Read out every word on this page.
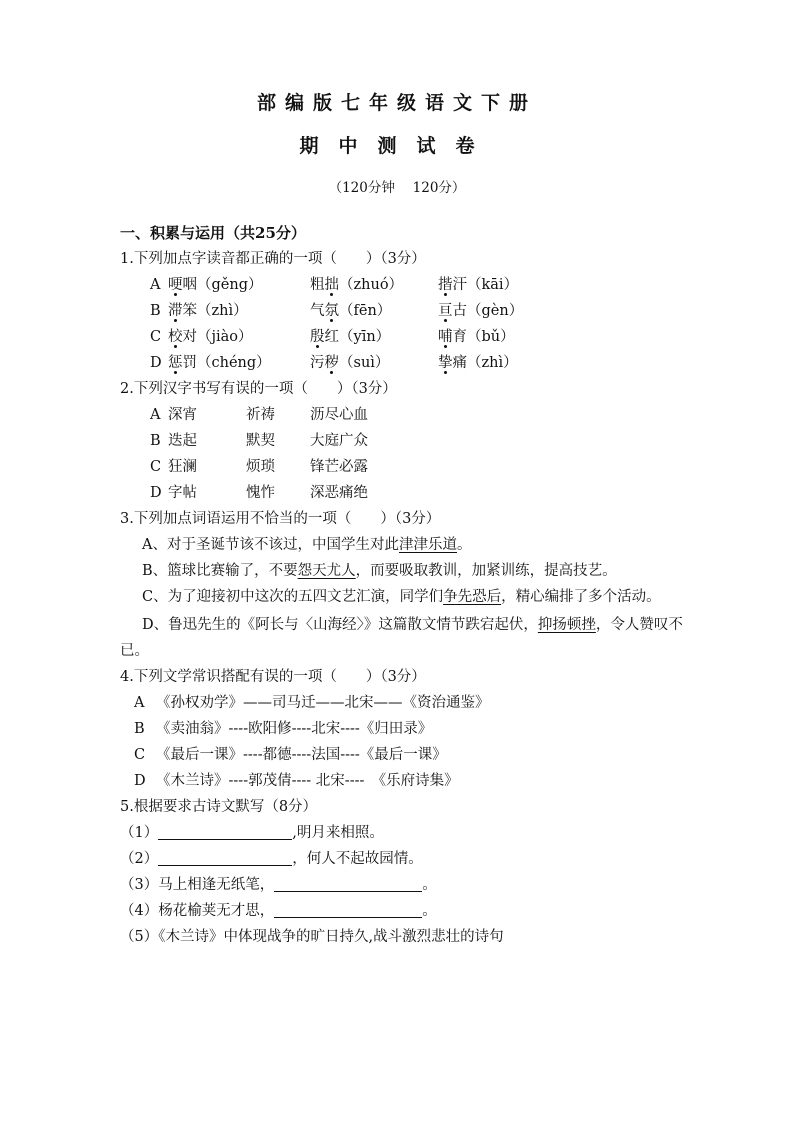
部编版七年级语文下册
期中测试卷
（120分钟　 120分）
一、积累与运用（共25分）
1.下列加点字读音都正确的一项（　　）（3分）
A 哽咽（gěng）	粗拙（zhuó） 揩汗（kāi）
B 滞笨（zhì）	气氛（fēn）	亘古（gèn）
C 校对（jiào）	殷红（yīn）	哺育（bǔ）
D 惩罚（chéng）	污秽（suì）	挚痛（zhì）
2.下列汉字书写有误的一项（　　）（3分）
A 深宵	祈祷 沥尽心血
B 迭起	默契 大庭广众
C 狂澜	烦琐 锋芒必露
D 字帖	愧怍 深恶痛绝
3.下列加点词语运用不恰当的一项（　　）（3分）
A、对于圣诞节该不该过，中国学生对此津津乐道。
B、篮球比赛输了，不要怨天尤人，而要吸取教训，加紧训练，提高技艺。
C、为了迎接初中这次的五四文艺汇演，同学们争先恐后，精心编排了多个活动。
D、鲁迅先生的《阿长与〈山海经〉》这篇散文情节跌宕起伏，抑扬顿挫，令人赞叹不已。
4.下列文学常识搭配有误的一项（　　）（3分）
A 《孙权劝学》——司马迁——北宋——《资治通鉴》
B 《卖油翁》----欧阳修----北宋----《归田录》
C 《最后一课》----都德----法国----《最后一课》
D 《木兰诗》----郭茂倩---- 北宋----　《乐府诗集》
5.根据要求古诗文默写（8分）
（1）	,明月来相照。
（2）	，何人不起故园情。
（3）马上相逢无纸笔，	。
（4）杨花榆荚无才思，	。
（5）《木兰诗》中体现战争的旷日持久,战斗激烈悲壮的诗句
